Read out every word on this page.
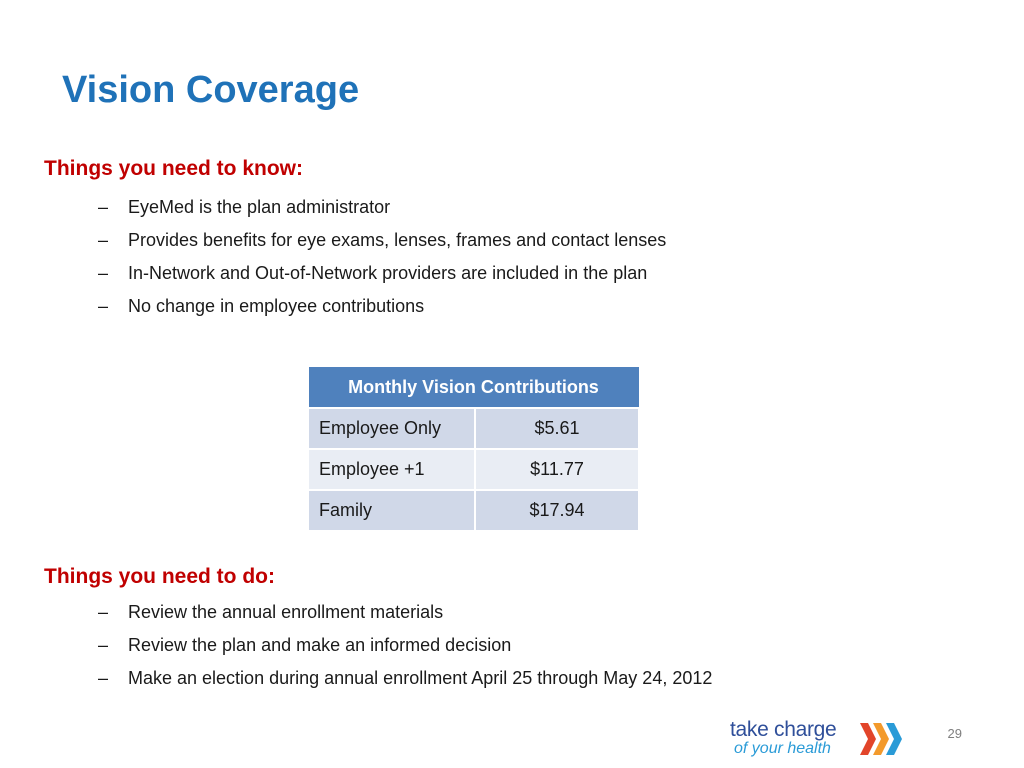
Vision Coverage
Things you need to know:
– EyeMed is the plan administrator
– Provides benefits for eye exams, lenses, frames and contact lenses
– In-Network and Out-of-Network providers are included in the plan
– No change in employee contributions
Monthly Vision Contributions	
Employee Only	$5.61
Employee +1	$11.77
Family	$17.94
Things you need to do:
– Review the annual enrollment materials
– Review the plan and make an informed decision
– Make an election during annual enrollment April 25 through May 24, 2012
take charge
of your health
29
